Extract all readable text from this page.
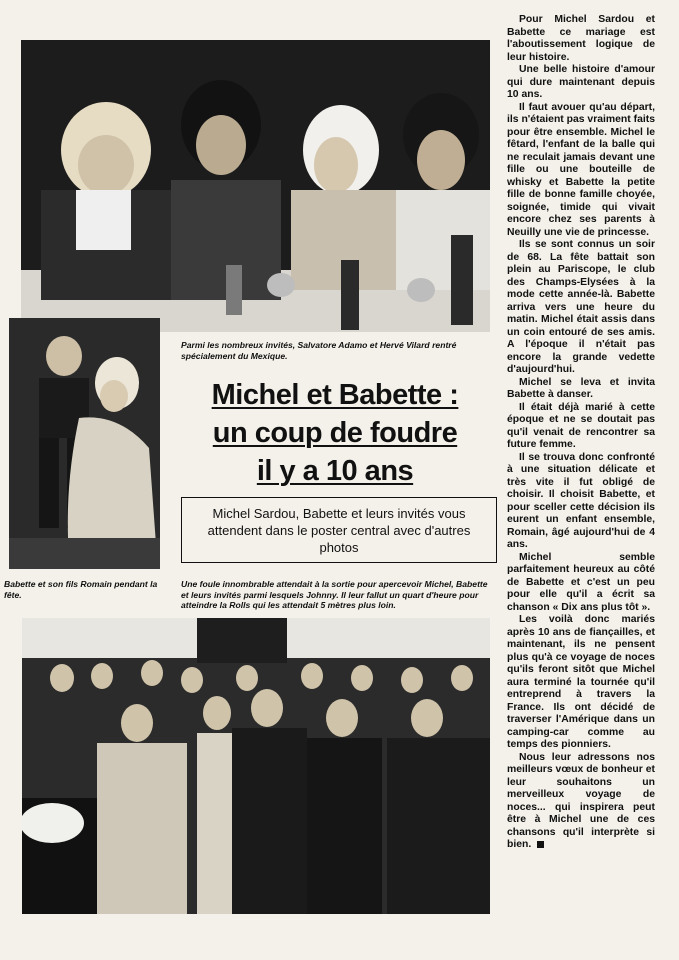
Parmi les nombreux invités, Salvatore Adamo et Hervé Vilard rentré spécialement du Mexique.

Michel et Babette :
un coup de foudre
il y a 10 ans
Michel Sardou, Babette et leurs invités vous attendent dans le poster central avec d'autres photos

Babette et son fils Romain pendant la fête.

Une foule innombrable attendait à la sortie pour apercevoir Michel, Babette et leurs invités parmi lesquels Johnny. Il leur fallut un quart d'heure pour atteindre la Rolls qui les attendait 5 mètres plus loin.

Pour Michel Sardou et Babette ce mariage est l'aboutissement logique de leur histoire.

Une belle histoire d'amour qui dure maintenant depuis 10 ans.

Il faut avouer qu'au départ, ils n'étaient pas vraiment faits pour être ensemble. Michel le fêtard, l'enfant de la balle qui ne reculait jamais devant une fille ou une bouteille de whisky et Babette la petite fille de bonne famille choyée, soignée, timide qui vivait encore chez ses parents à Neuilly une vie de princesse.

Ils se sont connus un soir de 68. La fête battait son plein au Pariscope, le club des Champs-Elysées à la mode cette année-là. Babette arriva vers une heure du matin. Michel était assis dans un coin entouré de ses amis. A l'époque il n'était pas encore la grande vedette d'aujourd'hui.

Michel se leva et invita Babette à danser.

Il était déjà marié à cette époque et ne se doutait pas qu'il venait de rencontrer sa future femme.

Il se trouva donc confronté à une situation délicate et très vite il fut obligé de choisir. Il choisit Babette, et pour sceller cette décision ils eurent un enfant ensemble, Romain, âgé aujourd'hui de 4 ans.

Michel semble parfaitement heureux au côté de Babette et c'est un peu pour elle qu'il a écrit sa chanson « Dix ans plus tôt ».

Les voilà donc mariés après 10 ans de fiançailles, et maintenant, ils ne pensent plus qu'à ce voyage de noces qu'ils feront sitôt que Michel aura terminé la tournée qu'il entreprend à travers la France. Ils ont décidé de traverser l'Amérique dans un camping-car comme au temps des pionniers.

Nous leur adressons nos meilleurs vœux de bonheur et leur souhaitons un merveilleux voyage de noces... qui inspirera peut être à Michel une de ces chansons qu'il interprète si bien.
